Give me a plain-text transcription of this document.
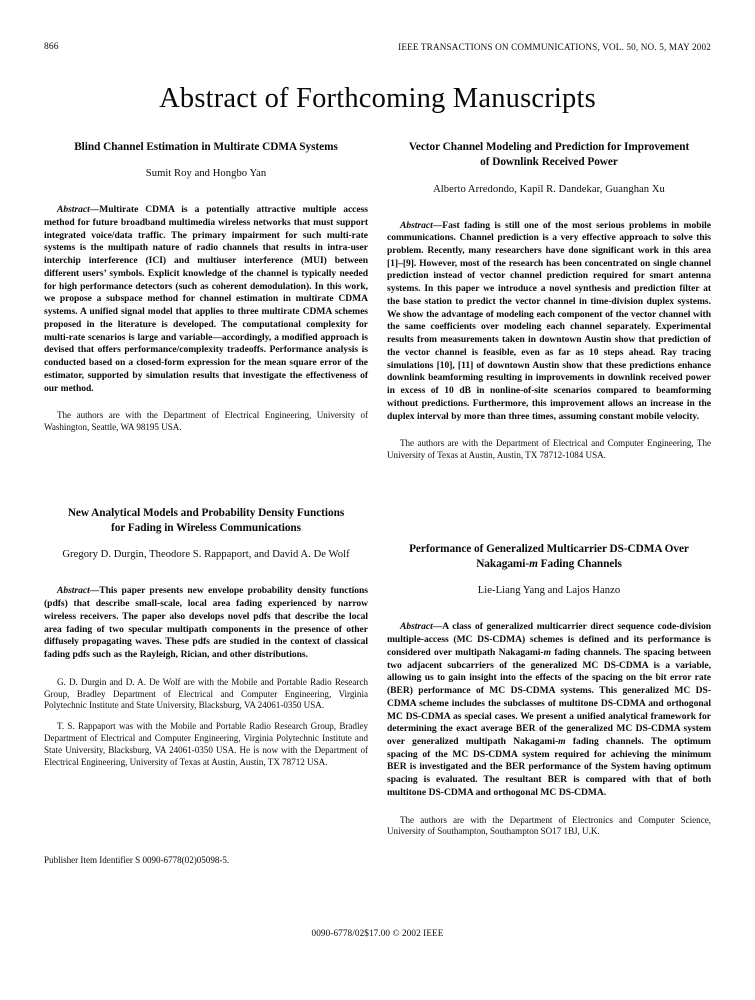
866	IEEE TRANSACTIONS ON COMMUNICATIONS, VOL. 50, NO. 5, MAY 2002
Abstract of Forthcoming Manuscripts
Blind Channel Estimation in Multirate CDMA Systems
Sumit Roy and Hongbo Yan

Abstract—Multirate CDMA is a potentially attractive multiple access method for future broadband multimedia wireless networks that must support integrated voice/data traffic. The primary impairment for such multi-rate systems is the multipath nature of radio channels that results in intra-user interchip interference (ICI) and multiuser interference (MUI) between different users’ symbols. Explicit knowledge of the channel is typically needed for high performance detectors (such as coherent demodulation). In this work, we propose a subspace method for channel estimation in multirate CDMA systems. A unified signal model that applies to three multirate CDMA schemes proposed in the literature is developed. The computational complexity for multi-rate scenarios is large and variable—accordingly, a modified approach is devised that offers performance/complexity tradeoffs. Performance analysis is conducted based on a closed-form expression for the mean square error of the estimator, supported by simulation results that investigate the effectiveness of our method.

The authors are with the Department of Electrical Engineering, University of Washington, Seattle, WA 98195 USA.

New Analytical Models and Probability Density Functions
for Fading in Wireless Communications
Gregory D. Durgin, Theodore S. Rappaport, and David A. De Wolf

Abstract—This paper presents new envelope probability density functions (pdfs) that describe small-scale, local area fading experienced by narrow wireless receivers. The paper also develops novel pdfs that describe the local area fading of two specular multipath components in the presence of other diffusely propagating waves. These pdfs are studied in the context of classical fading pdfs such as the Rayleigh, Rician, and other distributions.

G. D. Durgin and D. A. De Wolf are with the Mobile and Portable Radio Research Group, Bradley Department of Electrical and Computer Engineering, Virginia Polytechnic Institute and State University, Blacksburg, VA 24061-0350 USA.

T. S. Rappaport was with the Mobile and Portable Radio Research Group, Bradley Department of Electrical and Computer Engineering, Virginia Polytechnic Institute and State University, Blacksburg, VA 24061-0350 USA. He is now with the Department of Electrical Engineering, University of Texas at Austin, Austin, TX 78712 USA.

Publisher Item Identifier S 0090-6778(02)05098-5.

Vector Channel Modeling and Prediction for Improvement
of Downlink Received Power
Alberto Arredondo, Kapil R. Dandekar, Guanghan Xu

Abstract—Fast fading is still one of the most serious problems in mobile communications. Channel prediction is a very effective approach to solve this problem. Recently, many researchers have done significant work in this area [1]–[9]. However, most of the research has been concentrated on single channel prediction instead of vector channel prediction required for smart antenna systems. In this paper we introduce a novel synthesis and prediction filter at the base station to predict the vector channel in time-division duplex systems. We show the advantage of modeling each component of the vector channel with the same coefficients over modeling each channel separately. Experimental results from measurements taken in downtown Austin show that prediction of the vector channel is feasible, even as far as 10 steps ahead. Ray tracing simulations [10], [11] of downtown Austin show that these predictions enhance downlink beamforming resulting in improvements in downlink received power in excess of 10 dB in nonline-of-site scenarios compared to beamforming without predictions. Furthermore, this improvement allows an increase in the duplex interval by more than three times, assuming constant mobile velocity.

The authors are with the Department of Electrical and Computer Engineering, The University of Texas at Austin, Austin, TX 78712-1084 USA.

Performance of Generalized Multicarrier DS-CDMA Over
Nakagami-m Fading Channels
Lie-Liang Yang and Lajos Hanzo

Abstract—A class of generalized multicarrier direct sequence code-division multiple-access (MC DS-CDMA) schemes is defined and its performance is considered over multipath Nakagami-m fading channels. The spacing between two adjacent subcarriers of the generalized MC DS-CDMA is a variable, allowing us to gain insight into the effects of the spacing on the bit error rate (BER) performance of MC DS-CDMA systems. This generalized MC DS-CDMA scheme includes the subclasses of multitone DS-CDMA and orthogonal MC DS-CDMA as special cases. We present a unified analytical framework for determining the exact average BER of the generalized MC DS-CDMA system over generalized multipath Nakagami-m fading channels. The optimum spacing of the MC DS-CDMA system required for achieving the minimum BER is investigated and the BER performance of the System having optimum spacing is evaluated. The resultant BER is compared with that of both multitone DS-CDMA and orthogonal MC DS-CDMA.

The authors are with the Department of Electronics and Computer Science, University of Southampton, Southampton SO17 1BJ, U.K.

0090-6778/02$17.00 © 2002 IEEE
